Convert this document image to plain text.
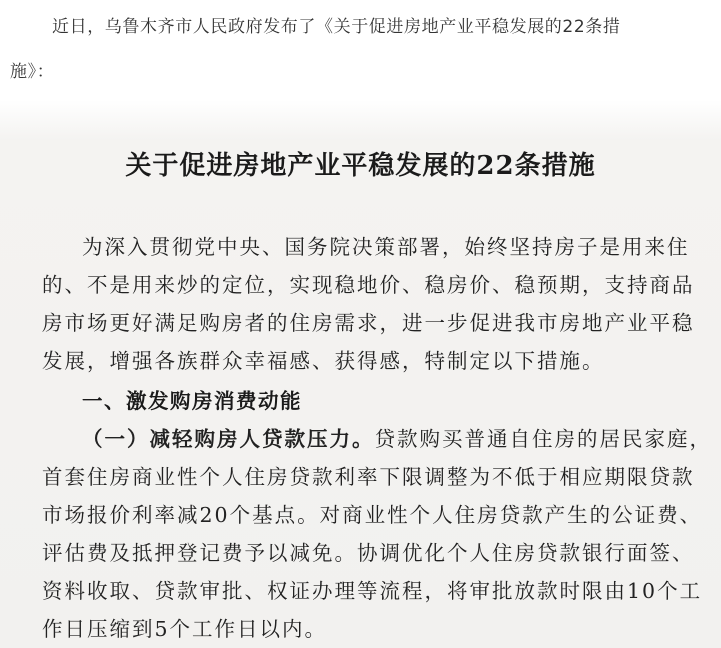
近日，乌鲁木齐市人民政府发布了《关于促进房地产业平稳发展的22条措
施》：
关于促进房地产业平稳发展的22条措施
为深入贯彻党中央、国务院决策部署，始终坚持房子是用来住
的、不是用来炒的定位，实现稳地价、稳房价、稳预期，支持商品
房市场更好满足购房者的住房需求，进一步促进我市房地产业平稳
发展，增强各族群众幸福感、获得感，特制定以下措施。
一、激发购房消费动能
（一）减轻购房人贷款压力。贷款购买普通自住房的居民家庭，
首套住房商业性个人住房贷款利率下限调整为不低于相应期限贷款
市场报价利率减20个基点。对商业性个人住房贷款产生的公证费、
评估费及抵押登记费予以减免。协调优化个人住房贷款银行面签、
资料收取、贷款审批、权证办理等流程，将审批放款时限由10个工
作日压缩到5个工作日以内。
